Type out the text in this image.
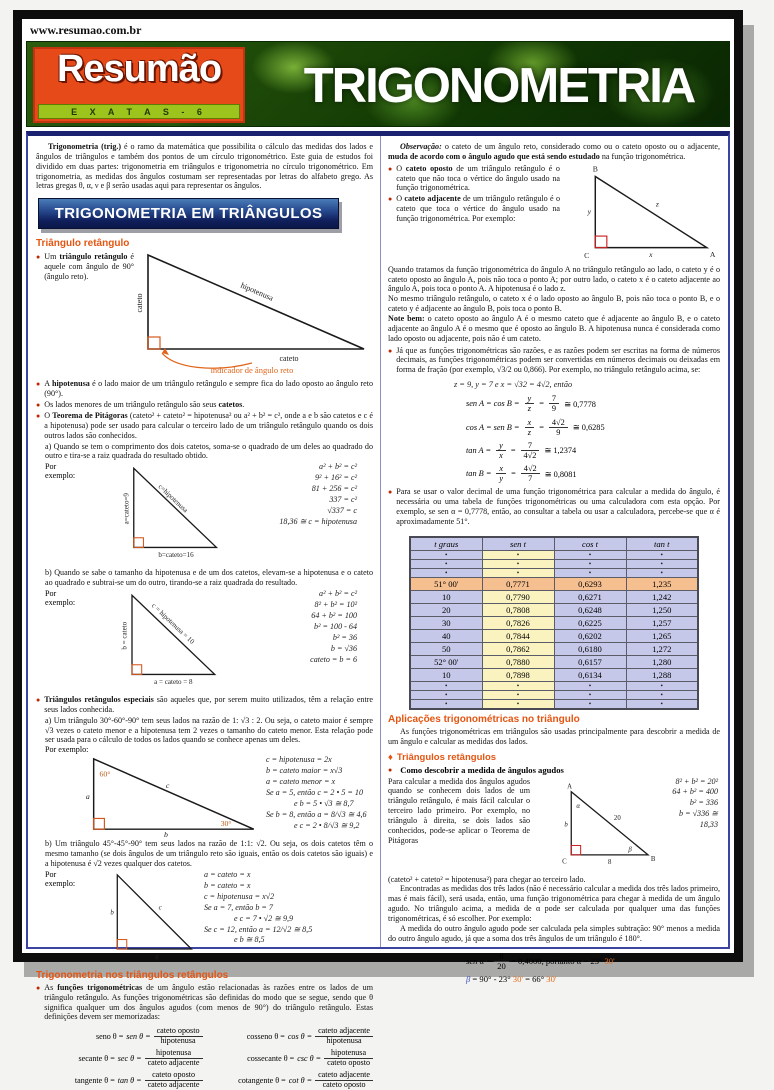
www.resumao.com.br
Resumão
E X A T A S - 6	TRIGONOMETRIA
Trigonometria (trig.) é o ramo da matemática que possibilita o cálculo das medidas dos lados e ângulos de triângulos e também dos pontos de um círculo trigonométrico. Este guia de estudos foi dividido em duas partes: trigonometria em triângulos e trigonometria no círculo trigonométrico. Em trigonometria, as medidas dos ângulos costumam ser representadas por letras do alfabeto grego. As letras gregas θ, α, ν e β serão usadas aqui para representar os ângulos.
TRIGONOMETRIA EM TRIÂNGULOS
Triângulo retângulo
● Um triângulo retângulo é aquele com ângulo de 90° (ângulo reto).
cateto
hipotenusa
cateto
indicador de ângulo reto
● A hipotenusa é o lado maior de um triângulo retângulo e sempre fica do lado oposto ao ângulo reto (90°).
● Os lados menores de um triângulo retângulo são seus catetos.
● O Teorema de Pitágoras (cateto² + cateto² = hipotenusa² ou a² + b² = c², onde a e b são catetos e c é a hipotenusa) pode ser usado para calcular o terceiro lado de um triângulo retângulo quando os dois outros lados são conhecidos.
a) Quando se tem o comprimento dos dois catetos, soma-se o quadrado de um deles ao quadrado do outro e tira-se a raiz quadrada do resultado obtido.
Por exemplo:
a=cateto=9	c=hipotenusa
b=cateto=16
a² + b² = c²
9² + 16² = c²
81 + 256 = c²
337 = c²
√337 = c
18,36 ≅ c = hipotenusa
b) Quando se sabe o tamanho da hipotenusa e de um dos catetos, elevam-se a hipotenusa e o cateto ao quadrado e subtrai-se um do outro, tirando-se a raiz quadrada do resultado.
Por exemplo:
b = cateto	c = hipotenusa = 10
a = cateto = 8
a² + b² = c²
8² + b² = 10²
64 + b² = 100
b² = 100 - 64
b² = 36
b = √36
cateto = b = 6
● Triângulos retângulos especiais são aqueles que, por serem muito utilizados, têm a relação entre seus lados conhecida.
a) Um triângulo 30°-60°-90° tem seus lados na razão de 1: √3 : 2. Ou seja, o cateto maior é sempre √3 vezes o cateto menor e a hipotenusa tem 2 vezes o tamanho do cateto menor. Esta relação pode ser usada para o cálculo de todos os lados quando se conhece apenas um deles.
Por exemplo:
60°
30°
a
c
b
c = hipotenusa = 2x
b = cateto maior = x√3
a = cateto menor = x
Se a = 5, então c = 2 • 5 = 10
e b = 5 • √3 ≅ 8,7
Se b = 8, então a = 8/√3 ≅ 4,6
e c = 2 • 8/√3 ≅ 9,2
b) Um triângulo 45°-45°-90° tem seus lados na razão de 1:1: √2. Ou seja, os dois catetos têm o mesmo tamanho (se dois ângulos de um triângulo reto são iguais, então os dois catetos são iguais) e a hipotenusa é √2 vezes qualquer dos catetos.
Por exemplo:
b
c
a
a = cateto = x
b = cateto = x
c = hipotenusa = x√2
Se a = 7, então b = 7
e c = 7 • √2 ≅ 9,9
Se c = 12, então a = 12/√2 ≅ 8,5
e b ≅ 8,5
Trigonometria nos triângulos retângulos
● As funções trigonométricas de um ângulo estão relacionadas às razões entre os lados de um triângulo retângulo. As funções trigonométricas são definidas do modo que se segue, sendo que θ significa qualquer um dos ângulos agudos (com menos de 90°) do triângulo retângulo. Estas definições devem ser memorizadas:
seno θ = sen $\theta = \frac{\text{cateto oposto}}{\text{hipotenusa}}$	cosseno $\theta = \cos \theta = \frac{\text{cateto adjacente}}{\text{hipotenusa}}$
secante $\theta = \sec \theta = \frac{\text{hipotenusa}}{\text{cateto adjacente}}$	cossecante $\theta = \csc \theta = \frac{\text{hipotenusa}}{\text{cateto oposto}}$
tangente $\theta = \tan \theta = \frac{\text{cateto oposto}}{\text{cateto adjacente}}$	cotangente $\theta = \cot \theta = \frac{\text{cateto adjacente}}{\text{cateto oposto}}$
Observação: o cateto de um ângulo reto, considerado como ou o cateto oposto ou o adjacente, muda de acordo com o ângulo agudo que está sendo estudado na função trigonométrica.
● O cateto oposto de um triângulo retângulo é o cateto que não toca o vértice do ângulo usado na função trigonométrica.
● O cateto adjacente de um triângulo retângulo é o cateto que toca o vértice do ângulo usado na função trigonométrica. Por exemplo:
B
C	A
y
z
x
Quando tratamos da função trigonométrica do ângulo A no triângulo retângulo ao lado, o cateto y é o cateto oposto ao ângulo A, pois não toca o ponto A; por outro lado, o cateto x é o cateto adjacente ao ângulo A, pois toca o ponto A. A hipotenusa é o lado z.
No mesmo triângulo retângulo, o cateto x é o lado oposto ao ângulo B, pois não toca o ponto B, e o cateto y é adjacente ao ângulo B, pois toca o ponto B.
Note bem: o cateto oposto ao ângulo A é o mesmo cateto que é adjacente ao ângulo B, e o cateto adjacente ao ângulo A é o mesmo que é oposto ao ângulo B. A hipotenusa nunca é considerada como lado oposto ou adjacente, pois não é um cateto.
● Já que as funções trigonométricas são razões, e as razões podem ser escritas na forma de números decimais, as funções trigonométricas podem ser convertidas em números decimais ou deixadas em forma de fração (por exemplo, √3/2 ou 0,866). Por exemplo, no triângulo retângulo acima, se:
z = 9, y = 7 e x = √32 = 4√2, então
sen $A = \cos B = \frac{y}{z} = \frac{7}{9}$ ≅ 0,7778
cos A = sen $B = \frac{x}{z} = \frac{4√2}{9}$ ≅ 0,6285
$\tan A = \frac{y}{x} = \frac{7}{4√2}$ ≅ 1,2374
$\tan B = \frac{x}{y} = \frac{4√2}{7}$ ≅ 0,8081
● Para se usar o valor decimal de uma função trigonométrica para calcular a medida do ângulo, é necessária ou uma tabela de funções trigonométricas ou uma calculadora com esta opção. Por exemplo, se sen α = 0,7778, então, ao consultar a tabela ou usar a calculadora, percebe-se que α é aproximadamente 51°.
t graus	sen t	cos t	tan t
•	•	•	•
•	•	•	•
•	•	•	•
51° 00'	0,7771	0,6293	1,235
10	0,7790	0,6271	1,242
20	0,7808	0,6248	1,250
30	0,7826	0,6225	1,257
40	0,7844	0,6202	1,265
50	0,7862	0,6180	1,272
52° 00'	0,7880	0,6157	1,280
10	0,7898	0,6134	1,288
•	•	•	•
•	•	•	•
•	•	•	•
Aplicações trigonométricas no triângulo
As funções trigonométricas em triângulos são usadas principalmente para descobrir a medida de um ângulo e calcular as medidas dos lados.
♦ Triângulos retângulos
● Como descobrir a medida de ângulos agudos
Para calcular a medida dos ângulos agudos quando se conhecem dois lados de um triângulo retângulo, é mais fácil calcular o terceiro lado primeiro. Por exemplo, no triângulo à direita, se dois lados são conhecidos, pode-se aplicar o Teorema de Pitágoras
A
α
b
20
β
C	8	B
8² + b² = 20²
64 + b² = 400
b² = 336
b = √336 ≅ 18,33
(cateto² + cateto² = hipotenusa²) para chegar ao terceiro lado.
Encontradas as medidas dos três lados (não é necessário calcular a medida dos três lados primeiro, mas é mais fácil), será usada, então, uma função trigonométrica para chegar à medida de um ângulo agudo. No triângulo acima, a medida de α pode ser calculada por qualquer uma das funções trigonométricas, é só escolher. Por exemplo:
A medida do outro ângulo agudo pode ser calculada pela simples subtração: 90° menos a medida do outro ângulo agudo, já que a soma dos três ângulos de um triângulo é 180°.
sen $\alpha = \frac{8}{20} = 0,4000$, portanto α = 23° 30'
β = 90° - 23° 30' = 66° 30'
